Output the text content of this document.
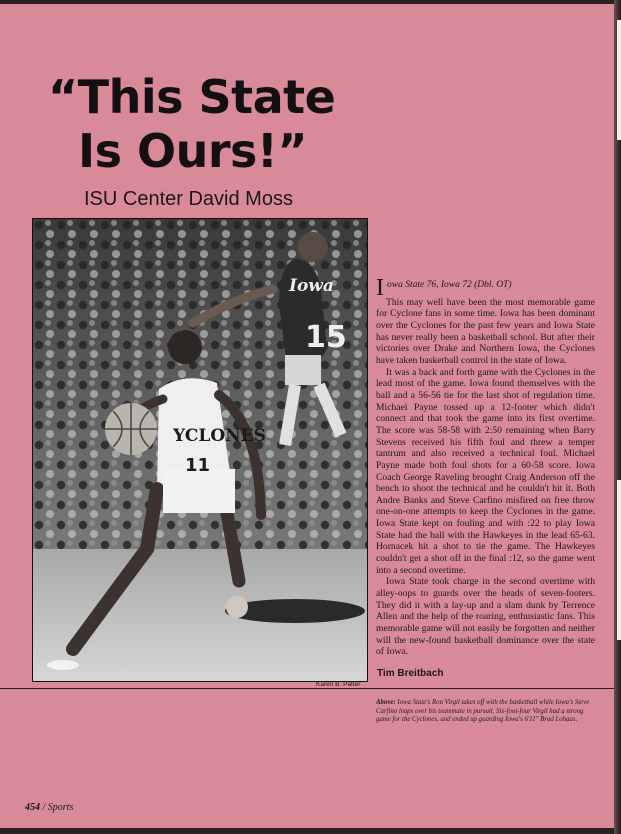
“This State
Is Ours!”
ISU Center David Moss
Iowa
15
YCLONES
11
Karen B. Patter
Iowa State 76, Iowa 72 (Dbl. OT)

This may well have been the most memorable game for Cyclone fans in some time. Iowa has been dominant over the Cyclones for the past few years and Iowa State has never really been a basketball school. But after their victories over Drake and Northern Iowa, the Cyclones have taken basketball control in the state of Iowa.

It was a back and forth game with the Cyclones in the lead most of the game. Iowa found themselves with the ball and a 56-56 tie for the last shot of regulation time. Michael Payne tossed up a 12-footer which didn't connect and that took the game into its first overtime. The score was 58-58 with 2:50 remaining when Barry Stevens received his fifth foul and threw a temper tantrum and also received a technical foul. Michael Payne made both foul shots for a 60-58 score. Iowa Coach George Raveling brought Craig Anderson off the bench to shoot the technical and he couldn't hit it. Both Andre Banks and Steve Carfino misfired on free throw one-on-one attempts to keep the Cyclones in the game. Iowa State kept on fouling and with :22 to play Iowa State had the ball with the Hawkeyes in the lead 65-63. Hornacek hit a shot to tie the game. The Hawkeyes couldn't get a shot off in the final :12, so the game went into a second overtime.

Iowa State took charge in the second overtime with alley-oops to guards over the heads of seven-footers. They did it with a lay-up and a slam dunk by Terrence Allen and the help of the roaring, enthusiastic fans. This memorable game will not easily be forgotten and neither will the new-found basketball dominance over the state of Iowa.

Tim Breitbach
Above: Iowa State's Ron Virgil takes off with the basketball while Iowa's Steve Carfino leaps over his teammate in pursuit. Six-foot-four Virgil had a strong game for the Cyclones, and ended up guarding Iowa's 6'11" Brad Lohaus.
454 / Sports
